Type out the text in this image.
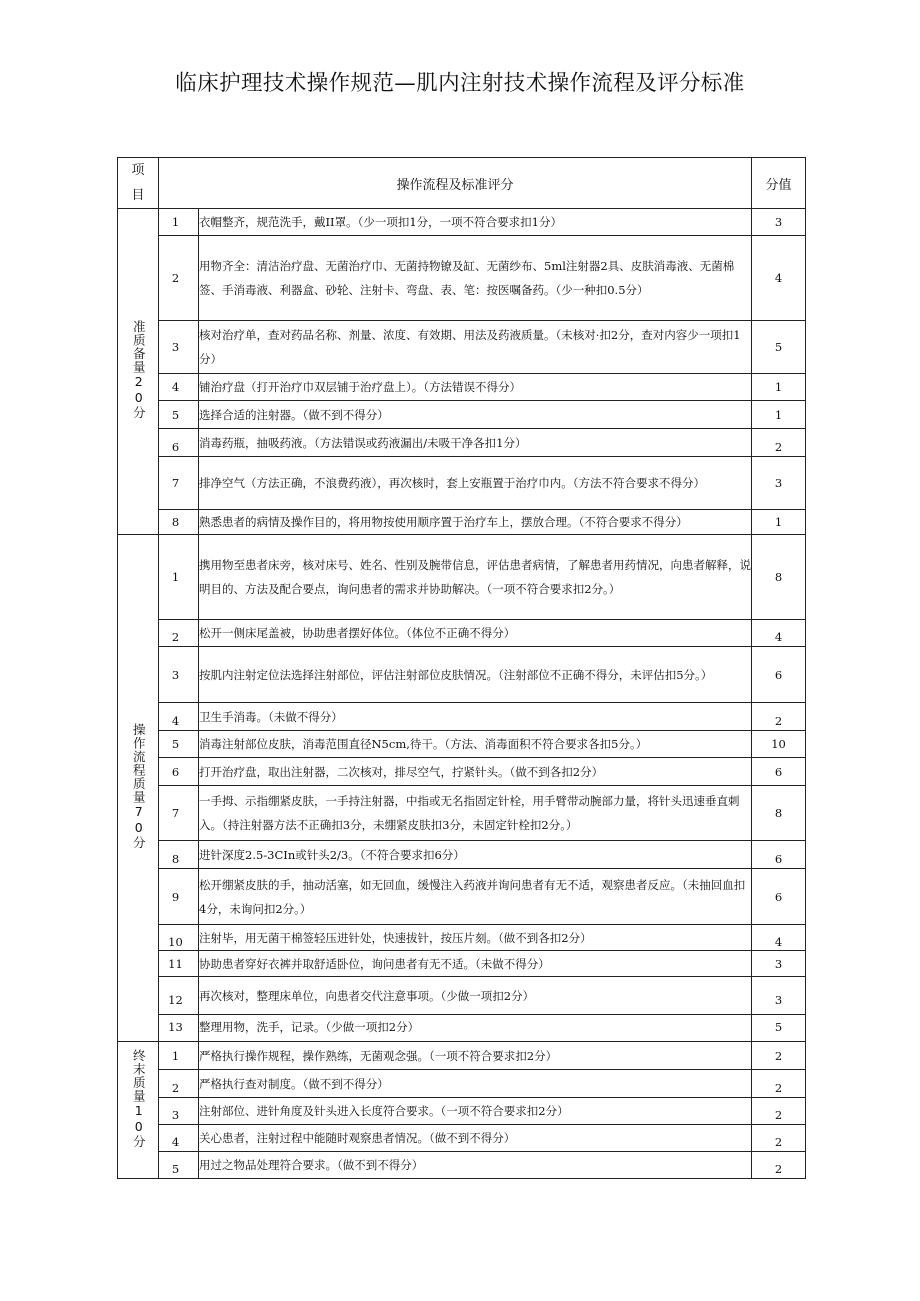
临床护理技术操作规范—肌内注射技术操作流程及评分标准
项
目	操作流程及标准评分		分值
准质备量20分	1	衣帽整齐，规范洗手，戴II罩。（少一项扣1分，一项不符合要求扣1分）	3
	2	用物齐全：清洁治疗盘、无菌治疗巾、无菌持物镣及缸、无菌纱布、5ml注射器2具、皮肤消毒液、无菌棉签、手消毒液、利器盒、砂轮、注射卡、弯盘、表、笔：按医嘱备药。（少一种扣0.5分）	4
	3	核对治疗单，查对药品名称、剂量、浓度、有效期、用法及药液质量。（未核对·扣2分，查对内容少一项扣1分）	5
	4	铺治疗盘（打开治疗巾双层铺于治疗盘上）。（方法错误不得分）	1
	5	选择合适的注射器。（做不到不得分）	1
	6	消毒药瓶，抽吸药液。（方法错误或药液漏出/未吸干净各扣1分）	2
	7	排净空气（方法正确，不浪费药液），再次核时，套上安瓶置于治疗巾内。（方法不符合要求不得分）	3
	8	熟悉患者的病情及操作目的，将用物按使用顺序置于治疗车上，摆放合理。（不符合要求不得分）	1
操作流程质量70分	1	携用物至患者床旁，核对床号、姓名、性别及腕带信息，评估患者病情，了解患者用药情况，向患者解释，说明目的、方法及配合要点，询问患者的需求并协助解决。（一项不符合要求扣2分。）	8
	2	松开一侧床尾盖被，协助患者摆好体位。（体位不正确不得分）	4
	3	按肌内注射定位法选择注射部位，评估注射部位皮肤情况。（注射部位不正确不得分，未评估扣5分。）	6
	4	卫生手消毒。（未做不得分）	2
	5	消毒注射部位皮肤，消毒范围直径N5cm,待干。（方法、消毒面积不符合要求各扣5分。）	10
	6	打开治疗盘，取出注射器，二次核对，排尽空气，拧紧针头。（做不到各扣2分）	6
	7	一手拇、示指绷紧皮肤，一手持注射器，中指或无名指固定针栓，用手臂带动腕部力量，将针头迅速垂直刺入。（持注射器方法不正确扣3分，未绷紧皮肤扣3分，未固定针栓扣2分。）	8
	8	进针深度2.5-3CIn或针头2/3。（不符合要求扣6分）	6
	9	松开绷紧皮肤的手，抽动活塞，如无回血，缓慢注入药液并询问患者有无不适，观察患者反应。（未抽回血扣4分，未询问扣2分。）	6
	10	注射毕，用无菌干棉签轻压进针处，快速拔针，按压片刻。（做不到各扣2分）	4
	11	协助患者穿好衣裤并取舒适卧位，询问患者有无不适。（未做不得分）	3
	12	再次核对，整理床单位，向患者交代注意事项。（少做一项扣2分）	3

	13	整理用物，洗手，记录。（少做一项扣2分）	5

终末质量10分	1	严格执行操作规程，操作熟练，无菌观念强。（一项不符合要求扣2分）	2
	2	严格执行查对制度。（做不到不得分）	2
	3	注射部位、进针角度及针头进入长度符合要求。（一项不符合要求扣2分）	2
	4	关心患者，注射过程中能随时观察患者情况。（做不到不得分）	2
	5	用过之物品处理符合要求。（做不到不得分）	2
